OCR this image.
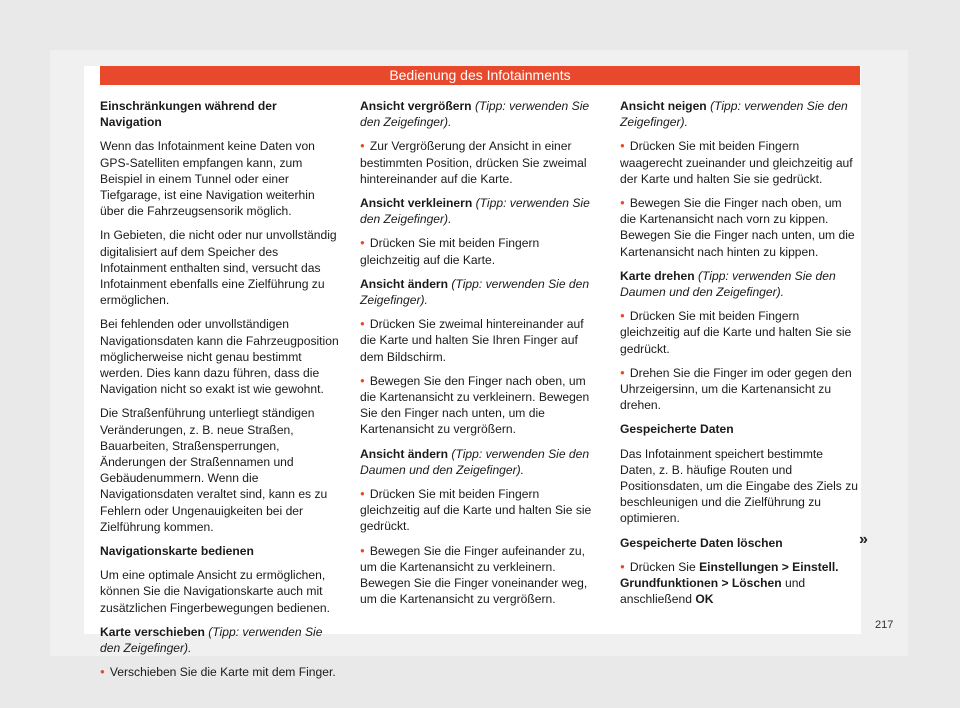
Bedienung des Infotainments

Einschränkungen während der Navigation

Wenn das Infotainment keine Daten von GPS-Satelliten empfangen kann, zum Beispiel in einem Tunnel oder einer Tiefgarage, ist eine Navigation weiterhin über die Fahrzeugsensorik möglich.

In Gebieten, die nicht oder nur unvollständig digitalisiert auf dem Speicher des Infotainment enthalten sind, versucht das Infotainment ebenfalls eine Zielführung zu ermöglichen.

Bei fehlenden oder unvollständigen Navigationsdaten kann die Fahrzeugposition möglicherweise nicht genau bestimmt werden. Dies kann dazu führen, dass die Navigation nicht so exakt ist wie gewohnt.

Die Straßenführung unterliegt ständigen Veränderungen, z. B. neue Straßen, Bauarbeiten, Straßensperrungen, Änderungen der Straßennamen und Gebäudenummern. Wenn die Navigationsdaten veraltet sind, kann es zu Fehlern oder Ungenauigkeiten bei der Zielführung kommen.

Navigationskarte bedienen

Um eine optimale Ansicht zu ermöglichen, können Sie die Navigationskarte auch mit zusätzlichen Fingerbewegungen bedienen.

Karte verschieben (Tipp: verwenden Sie den Zeigefinger).

● Verschieben Sie die Karte mit dem Finger.

Ansicht vergrößern (Tipp: verwenden Sie den Zeigefinger).

● Zur Vergrößerung der Ansicht in einer bestimmten Position, drücken Sie zweimal hintereinander auf die Karte.

Ansicht verkleinern (Tipp: verwenden Sie den Zeigefinger).

● Drücken Sie mit beiden Fingern gleichzeitig auf die Karte.

Ansicht ändern (Tipp: verwenden Sie den Zeigefinger).

● Drücken Sie zweimal hintereinander auf die Karte und halten Sie Ihren Finger auf dem Bildschirm.

● Bewegen Sie den Finger nach oben, um die Kartenansicht zu verkleinern. Bewegen Sie den Finger nach unten, um die Kartenansicht zu vergrößern.

Ansicht ändern (Tipp: verwenden Sie den Daumen und den Zeigefinger).

● Drücken Sie mit beiden Fingern gleichzeitig auf die Karte und halten Sie sie gedrückt.

● Bewegen Sie die Finger aufeinander zu, um die Kartenansicht zu verkleinern. Bewegen Sie die Finger voneinander weg, um die Kartenansicht zu vergrößern.

Ansicht neigen (Tipp: verwenden Sie den Zeigefinger).

● Drücken Sie mit beiden Fingern waagerecht zueinander und gleichzeitig auf der Karte und halten Sie sie gedrückt.

● Bewegen Sie die Finger nach oben, um die Kartenansicht nach vorn zu kippen. Bewegen Sie die Finger nach unten, um die Kartenansicht nach hinten zu kippen.

Karte drehen (Tipp: verwenden Sie den Daumen und den Zeigefinger).

● Drücken Sie mit beiden Fingern gleichzeitig auf die Karte und halten Sie sie gedrückt.

● Drehen Sie die Finger im oder gegen den Uhrzeigersinn, um die Kartenansicht zu drehen.

Gespeicherte Daten

Das Infotainment speichert bestimmte Daten, z. B. häufige Routen und Positionsdaten, um die Eingabe des Ziels zu beschleunigen und die Zielführung zu optimieren.

Gespeicherte Daten löschen

● Drücken Sie Einstellungen > Einstell. Grundfunktionen > Löschen und anschließend OK

»
217
